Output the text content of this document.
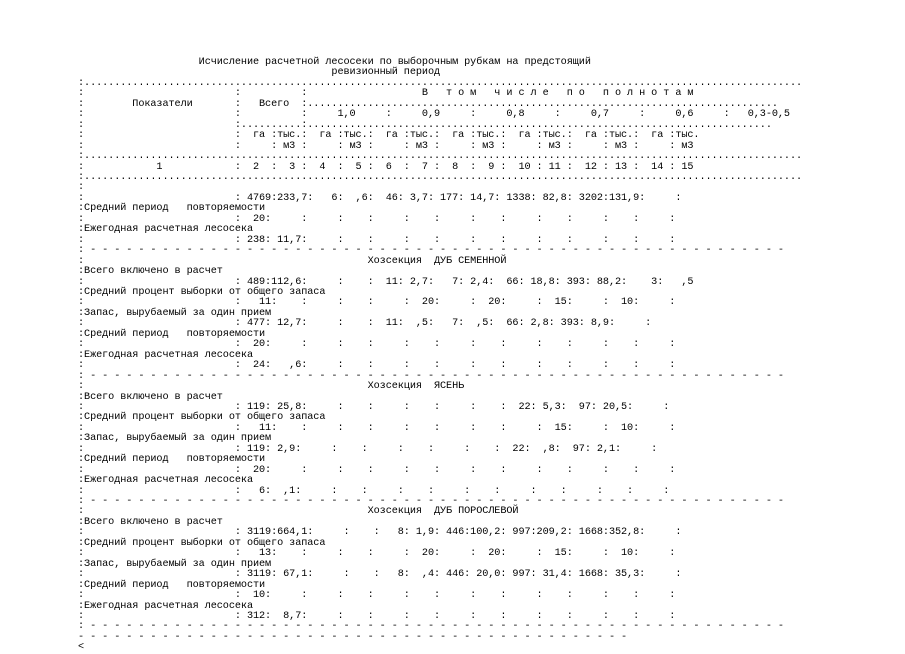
Исчисление расчетной лесосеки по выборочным рубкам на предстоящий
ревизионный период
:.......................................................................................................................
:                         :          :                   В   т о м   ч и с л е   п о   п о л н о т а м
:        Показатели       :   Всего  :..............................................................................
:                         :          :     1,0     :     0,9     :     0,8     :     0,7     :     0,6     :   0,3-0,5
:                         :..........:.............................................................................
:                         :  га :тыс.:  га :тыс.:  га :тыс.:  га :тыс.:  га :тыс.:  га :тыс.:  га :тыс.
:                         :     : м3 :     : м3 :     : м3 :     : м3 :     : м3 :     : м3 :     : м3
:.......................................................................................................................
:            1            :  2  :  3 :  4  :  5 :  6  :  7 :  8  :  9 :  10 : 11 :  12 : 13 :  14 : 15
:.......................................................................................................................
:
:                         : 4769:233,7:   6:  ,6:  46: 3,7: 177: 14,7: 1338: 82,8: 3202:131,9:     :
:Средний период   повторяемости
:                         :  20:     :     :    :     :    :     :    :     :    :     :    :     :
:Ежегодная расчетная лесосека
:                         : 238: 11,7:     :    :     :    :     :    :     :    :     :    :     :
: - - - - - - - - - - - - - - - - - - - - - - - - - - - - - - - - - - - - - - - - - - - - - - - - - - - - - - - - - -
:                                               Хозсекция  ДУБ СЕМЕННОЙ
:Всего включено в расчет
:                         : 489:112,6:     :    :  11: 2,7:   7: 2,4:  66: 18,8: 393: 88,2:    3:   ,5
:Средний процент выборки от общего запаса
:                         :   11:    :     :    :     :  20:     :  20:     :  15:     :  10:     :
:Запас, вырубаемый за один прием
:                         : 477: 12,7:     :    :  11:  ,5:   7:  ,5:  66: 2,8: 393: 8,9:     :
:Средний период   повторяемости
:                         :  20:     :     :    :     :    :     :    :     :    :     :    :     :
:Ежегодная расчетная лесосека
:                         :  24:   ,6:     :    :     :    :     :    :     :    :     :    :     :
: - - - - - - - - - - - - - - - - - - - - - - - - - - - - - - - - - - - - - - - - - - - - - - - - - - - - - - - - - -
:                                               Хозсекция  ЯСЕНЬ
:Всего включено в расчет
:                         : 119: 25,8:     :    :     :    :     :    :  22: 5,3:  97: 20,5:     :
:Средний процент выборки от общего запаса
:                         :   11:    :     :    :     :    :     :    :     :  15:     :  10:     :
:Запас, вырубаемый за один прием
:                         : 119: 2,9:     :    :     :    :     :    :  22:  ,8:  97: 2,1:     :
:Средний период   повторяемости
:                         :  20:     :     :    :     :    :     :    :     :    :     :    :     :
:Ежегодная расчетная лесосека
:                         :   6:  ,1:     :    :     :    :     :    :     :    :     :    :     :
: - - - - - - - - - - - - - - - - - - - - - - - - - - - - - - - - - - - - - - - - - - - - - - - - - - - - - - - - - -
:                                               Хозсекция  ДУБ ПОРОСЛЕВОЙ
:Всего включено в расчет
:                         : 3119:664,1:     :    :   8: 1,9: 446:100,2: 997:209,2: 1668:352,8:     :
:Средний процент выборки от общего запаса
:                         :   13:    :     :    :     :  20:     :  20:     :  15:     :  10:     :
:Запас, вырубаемый за один прием
:                         : 3119: 67,1:     :    :   8:  ,4: 446: 20,0: 997: 31,4: 1668: 35,3:     :
:Средний период   повторяемости
:                         :  10:     :     :    :     :    :     :    :     :    :     :    :     :
:Ежегодная расчетная лесосека
:                         : 312:  8,7:     :    :     :    :     :    :     :    :     :    :     :
: - - - - - - - - - - - - - - - - - - - - - - - - - - - - - - - - - - - - - - - - - - - - - - - - - - - - - - - - - -
- - - - - - - - - - - - - - - - - - - - - - - - - - - - - - - - - - - - - - - - - - - - - -
<
